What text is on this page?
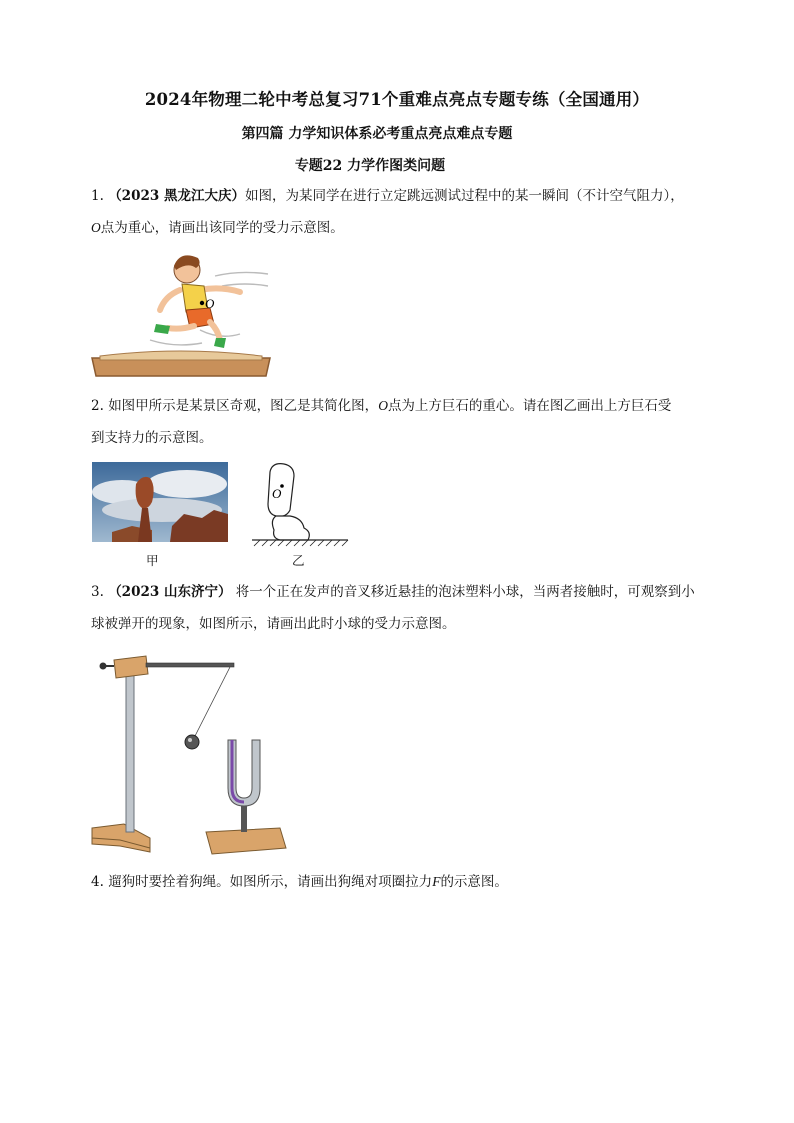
2024年物理二轮中考总复习71个重难点亮点专题专练（全国通用）
第四篇 力学知识体系必考重点亮点难点专题
专题22 力学作图类问题
1. （2023 黑龙江大庆）如图，为某同学在进行立定跳远测试过程中的某一瞬间（不计空气阻力），
O点为重心，请画出该同学的受力示意图。
O
2. 如图甲所示是某景区奇观，图乙是其简化图，O点为上方巨石的重心。请在图乙画出上方巨石受
到支持力的示意图。
甲
O
乙
3. （2023 山东济宁） 将一个正在发声的音叉移近悬挂的泡沫塑料小球，当两者接触时，可观察到小
球被弹开的现象，如图所示，请画出此时小球的受力示意图。
4. 遛狗时要拴着狗绳。如图所示，请画出狗绳对项圈拉力F的示意图。
